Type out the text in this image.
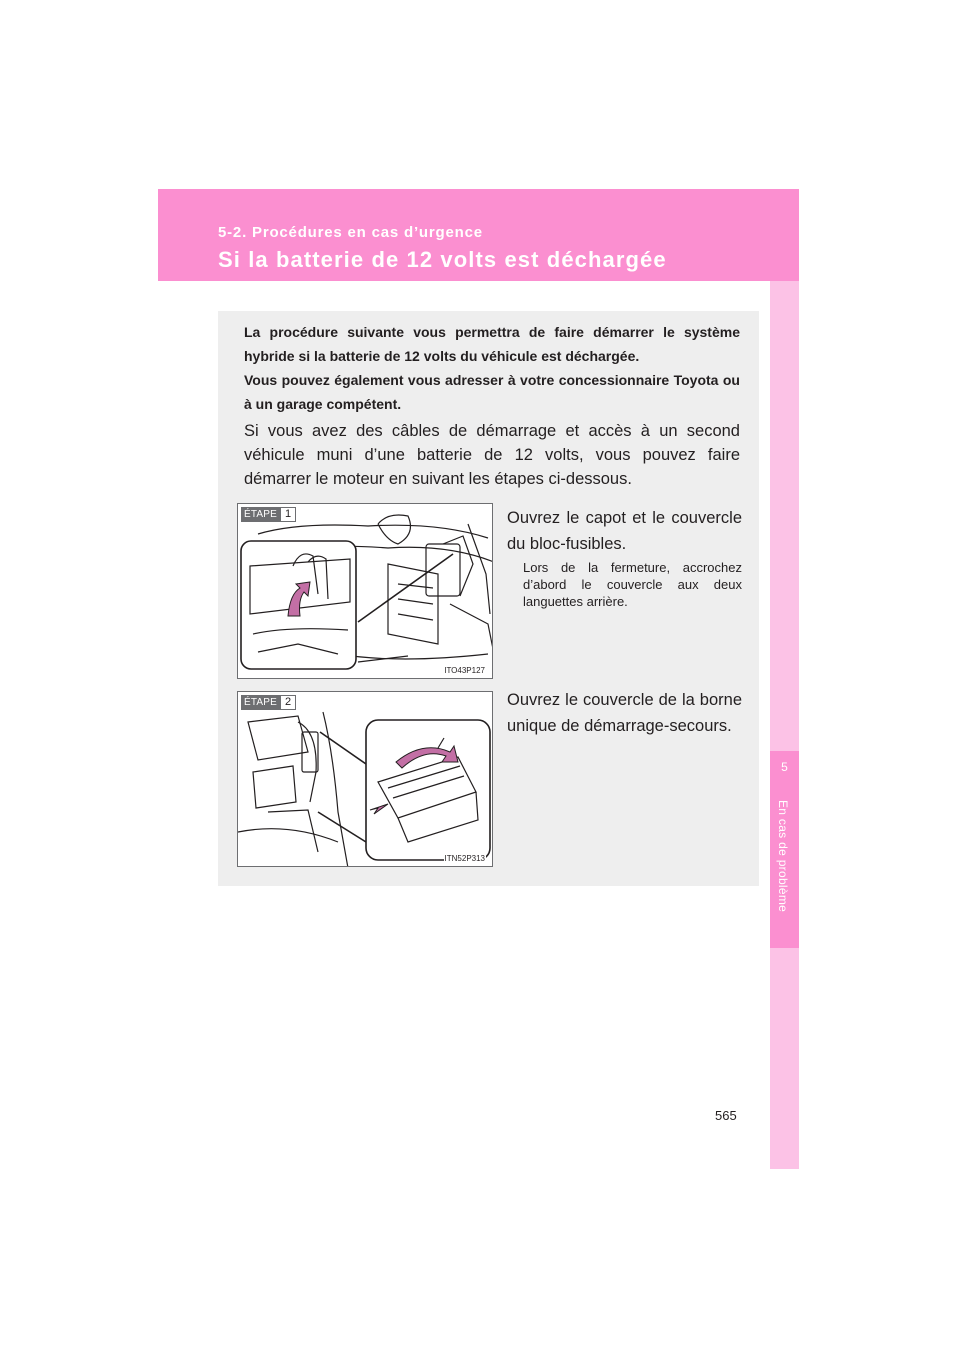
5-2. Procédures en cas d’urgence
Si la batterie de 12 volts est déchargée
5
En cas de problème

La procédure suivante vous permettra de faire démarrer le système hybride si la batterie de 12 volts du véhicule est déchargée.

Vous pouvez également vous adresser à votre concessionnaire Toyota ou à un garage compétent.

Si vous avez des câbles de démarrage et accès à un second véhicule muni d’une batterie de 12 volts, vous pouvez faire démarrer le moteur en suivant les étapes ci-dessous.

ÉTAPE 1
ITO43P127

Ouvrez le capot et le couvercle du bloc-fusibles.

Lors de la fermeture, accrochez d’abord le couvercle aux deux languettes arrière.

ÉTAPE 2
ITN52P313

Ouvrez le couvercle de la borne unique de démarrage-secours.

565
